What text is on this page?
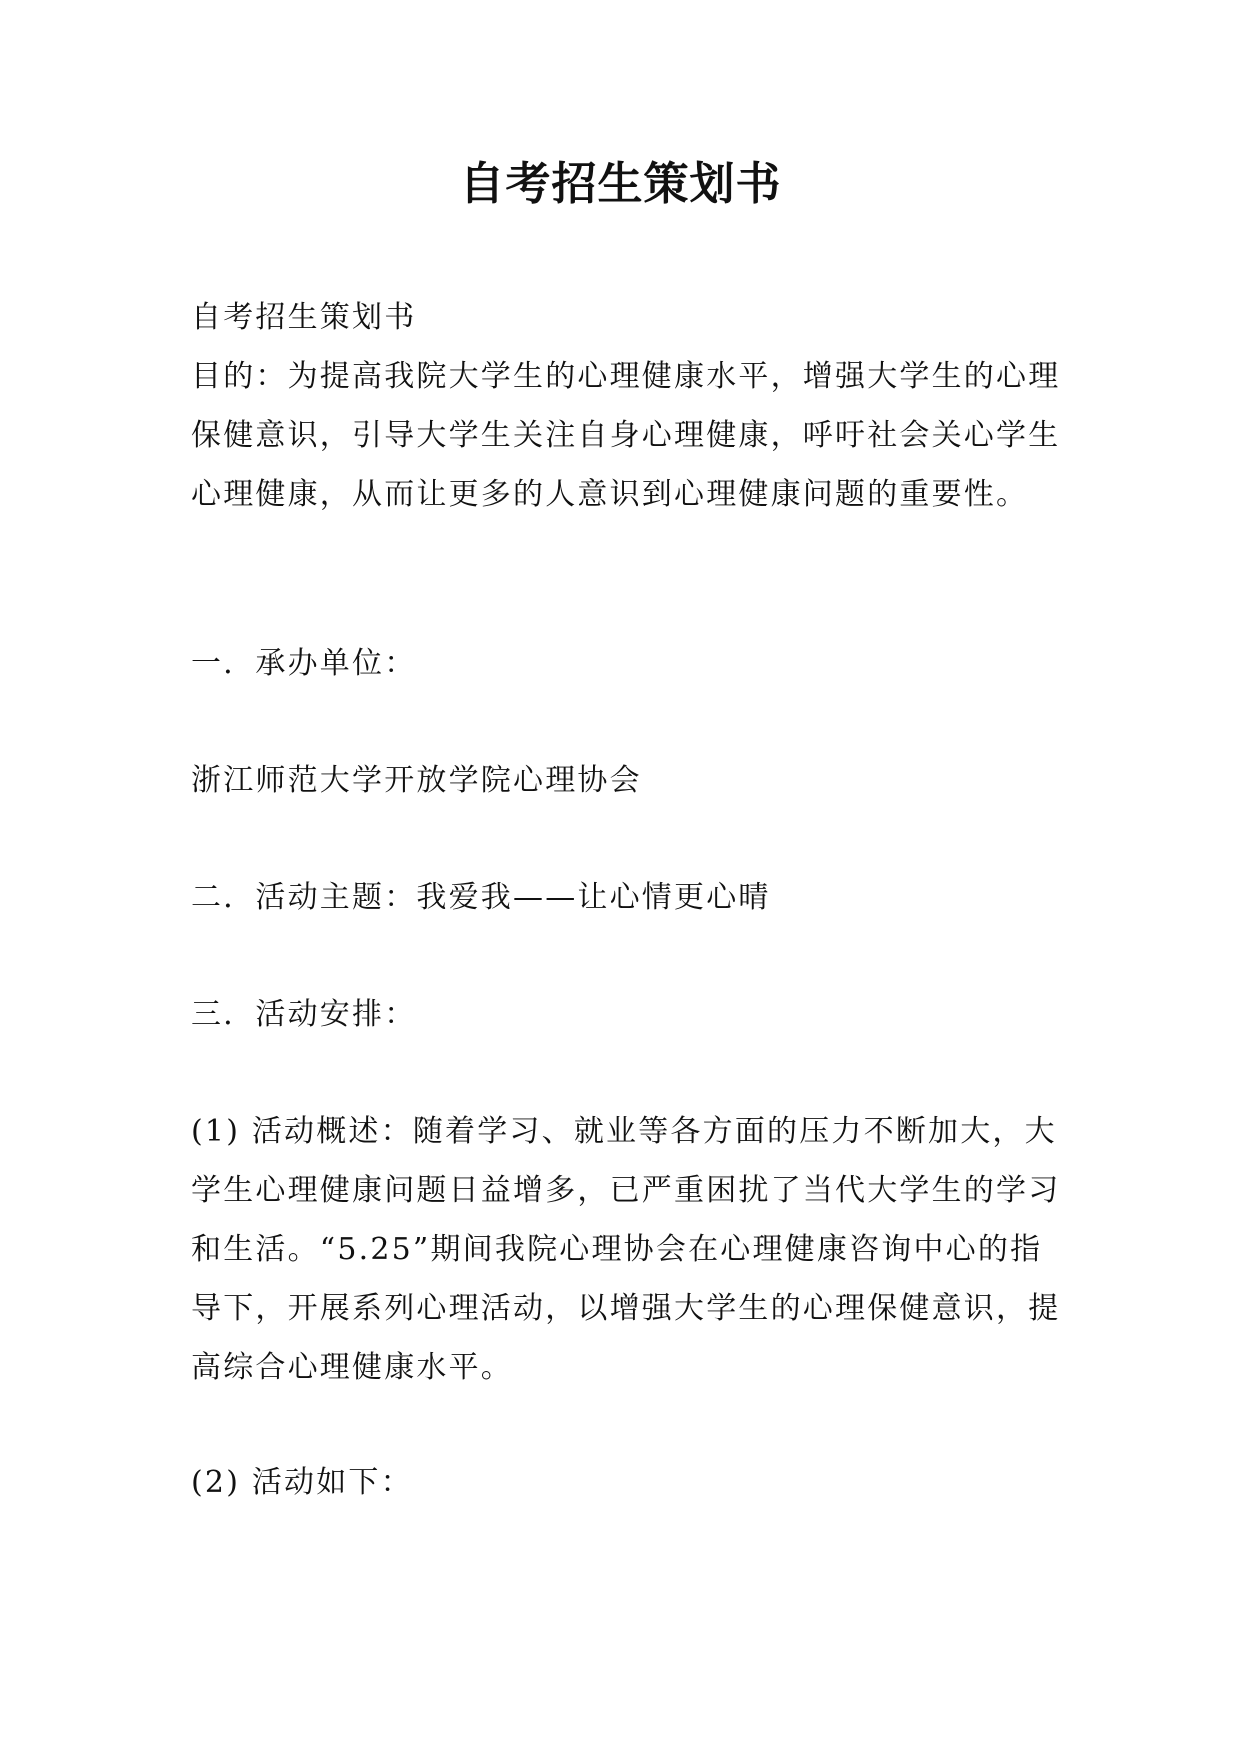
自考招生策划书

自考招生策划书

目的：为提高我院大学生的心理健康水平，增强大学生的心理保健意识，引导大学生关注自身心理健康，呼吁社会关心学生心理健康，从而让更多的人意识到心理健康问题的重要性。

一．承办单位：

浙江师范大学开放学院心理协会

二．活动主题：我爱我——让心情更心晴

三．活动安排：

(1) 活动概述：随着学习、就业等各方面的压力不断加大，大学生心理健康问题日益增多，已严重困扰了当代大学生的学习和生活。“5.25”期间我院心理协会在心理健康咨询中心的指导下，开展系列心理活动，以增强大学生的心理保健意识，提高综合心理健康水平。

(2) 活动如下：
